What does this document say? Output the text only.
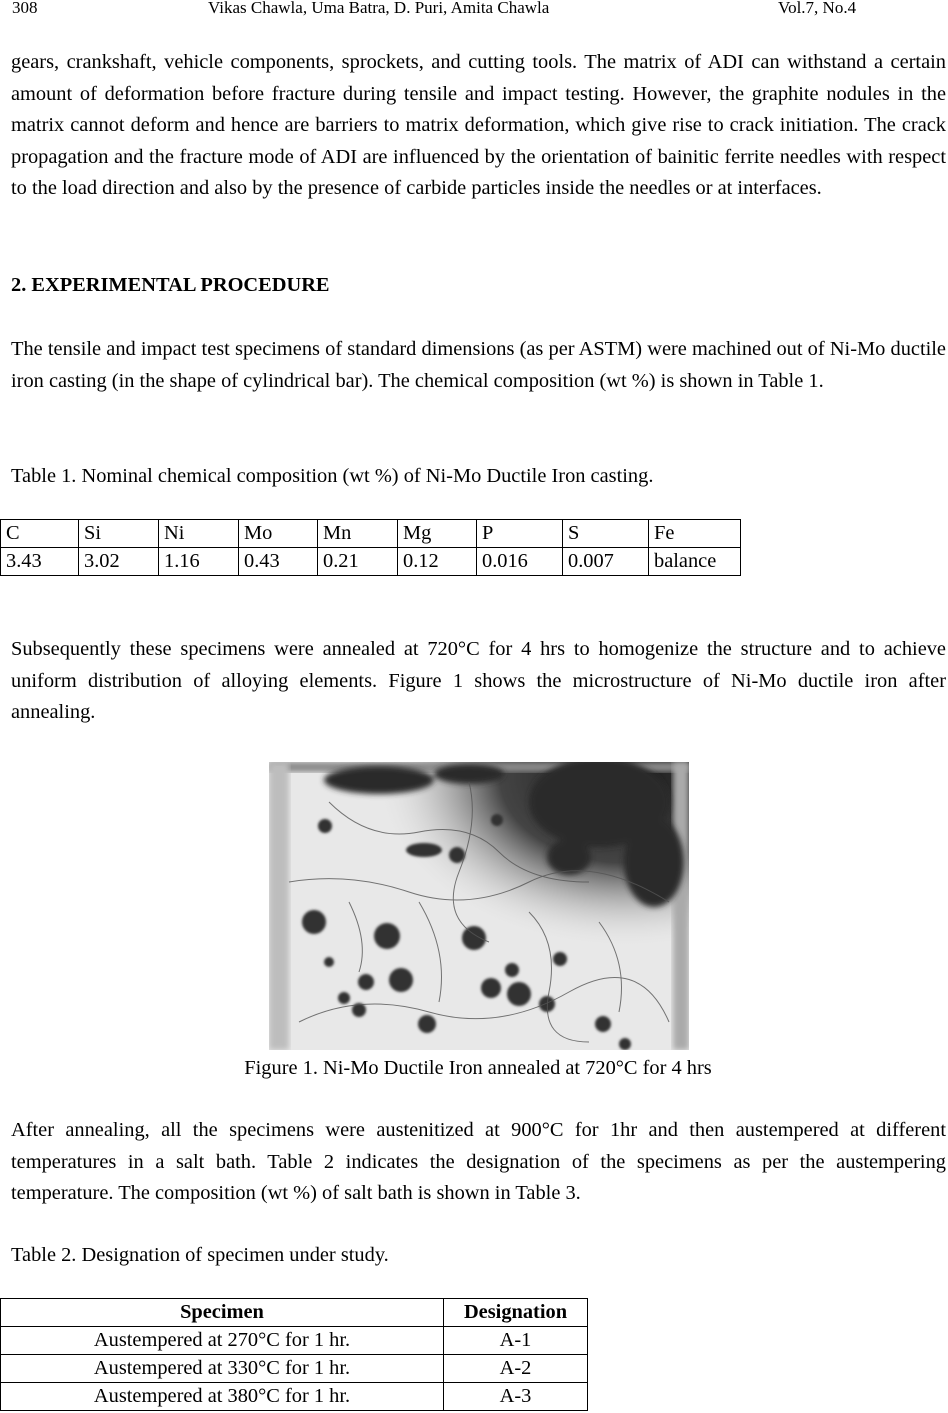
308	Vikas Chawla, Uma Batra, D. Puri, Amita Chawla	Vol.7, No.4

gears, crankshaft, vehicle components, sprockets, and cutting tools. The matrix of ADI can withstand a certain amount of deformation before fracture during tensile and impact testing. However, the graphite nodules in the matrix cannot deform and hence are barriers to matrix deformation, which give rise to crack initiation. The crack propagation and the fracture mode of ADI are influenced by the orientation of bainitic ferrite needles with respect to the load direction and also by the presence of carbide particles inside the needles or at interfaces.

2. EXPERIMENTAL PROCEDURE

The tensile and impact test specimens of standard dimensions (as per ASTM) were machined out of Ni-Mo ductile iron casting (in the shape of cylindrical bar). The chemical composition (wt %) is shown in Table 1.

Table 1. Nominal chemical composition (wt %) of Ni-Mo Ductile Iron casting.

C	Si	Ni	Mo	Mn	Mg	P	S	Fe
3.43	3.02	1.16	0.43	0.21	0.12	0.016	0.007	balance

Subsequently these specimens were annealed at 720°C for 4 hrs to homogenize the structure and to achieve uniform distribution of alloying elements. Figure 1 shows the microstructure of Ni-Mo ductile iron after annealing.

Figure 1. Ni-Mo Ductile Iron annealed at 720°C for 4 hrs

After annealing, all the specimens were austenitized at 900°C for 1hr and then austempered at different temperatures in a salt bath. Table 2 indicates the designation of the specimens as per the austempering temperature. The composition (wt %) of salt bath is shown in Table 3.

Table 2. Designation of specimen under study.

Specimen	Designation
Austempered at 270°C for 1 hr.	A-1
Austempered at 330°C for 1 hr.	A-2
Austempered at 380°C for 1 hr.	A-3
